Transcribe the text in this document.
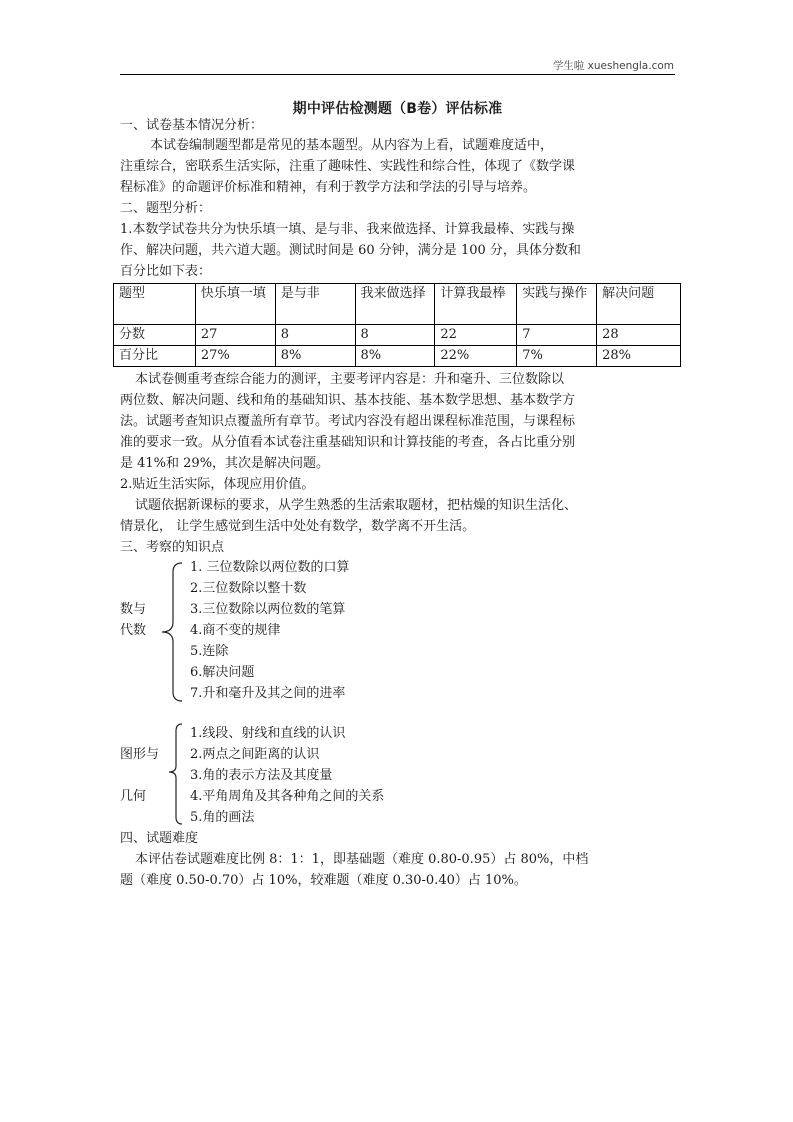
学生啦 xueshengla.com
期中评估检测题（B卷）评估标准
一、试卷基本情况分析：
本试卷编制题型都是常见的基本题型。从内容为上看，试题难度适中，
注重综合，密联系生活实际，注重了趣味性、实践性和综合性，体现了《数学课
程标准》的命题评价标准和精神，有利于教学方法和学法的引导与培养。
二、题型分析：
1.本数学试卷共分为快乐填一填、是与非、我来做选择、计算我最棒、实践与操
作、解决问题，共六道大题。测试时间是 60 分钟，满分是 100 分，具体分数和
百分比如下表：
题型	快乐填一填	是与非	我来做选择	计算我最棒	实践与操作	解决问题
分数	27	8	8	22	7	28
百分比	27%	8%	8%	22%	7%	28%
本试卷侧重考查综合能力的测评，主要考评内容是：升和毫升、三位数除以
两位数、解决问题、线和角的基础知识、基本技能、基本数学思想、基本数学方
法。试题考查知识点覆盖所有章节。考试内容没有超出课程标准范围，与课程标
准的要求一致。从分值看本试卷注重基础知识和计算技能的考查，各占比重分别
是 41%和 29%，其次是解决问题。
2.贴近生活实际，体现应用价值。
试题依据新课标的要求，从学生熟悉的生活索取题材，把枯燥的知识生活化、
情景化， 让学生感觉到生活中处处有数学，数学离不开生活。
三、考察的知识点
数与
代数
1. 三位数除以两位数的口算
2.三位数除以整十数
3.三位数除以两位数的笔算
4.商不变的规律
5.连除
6.解决问题
7.升和毫升及其之间的进率
图形与
几何
1.线段、射线和直线的认识
2.两点之间距离的认识
3.角的表示方法及其度量
4.平角周角及其各种角之间的关系
5.角的画法
四、试题难度
本评估卷试题难度比例 8：1：1，即基础题（难度 0.80-0.95）占 80%，中档
题（难度 0.50-0.70）占 10%，较难题（难度 0.30-0.40）占 10%。
